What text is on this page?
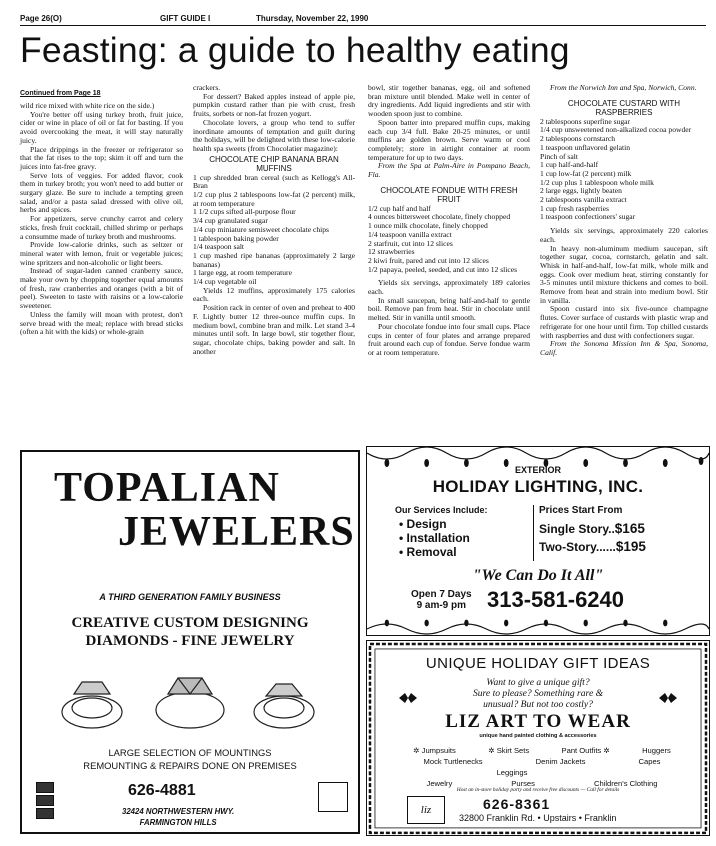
Page 26(O)	GIFT GUIDE I	Thursday, November 22, 1990
Feasting: a guide to healthy eating
Continued from Page 18

wild rice mixed with white rice on the side.)

You're better off using turkey broth, fruit juice, cider or wine in place of oil or fat for basting. If you avoid overcooking the meat, it will stay naturally juicy.

Place drippings in the freezer or refrigerator so that the fat rises to the top; skim it off and turn the juices into fat-free gravy.

Serve lots of veggies. For added flavor, cook them in turkey broth; you won't need to add butter or surgary glaze. Be sure to include a tempting green salad, and/or a pasta salad dressed with olive oil, herbs and spices.

For appetizers, serve crunchy carrot and celery sticks, fresh fruit cocktail, chilled shrimp or perhaps a consumme made of turkey broth and mushrooms.

Provide low-calorie drinks, such as seltzer or mineral water with lemon, fruit or vegetable juices; wine spritzers and non-alcoholic or light beers.

Instead of sugar-laden canned cranberry sauce, make your own by chopping together equal amounts of fresh, raw cranberries and oranges (with a bit of peel). Sweeten to taste with raisins or a low-calorie sweetener.

Unless the family will moan with protest, don't serve bread with the meal; replace with bread sticks (often a hit with the kids) or whole-grain

crackers.

For dessert? Baked apples instead of apple pie, pumpkin custard rather than pie with crust, fresh fruits, sorbets or non-fat frozen yogurt.

Chocolate lovers, a group who tend to suffer inordinate amounts of temptation and guilt during the holidays, will be delighted with these low-calorie health spa sweets (from Chocolatier magazine):

CHOCOLATE CHIP BANANA BRAN MUFFINS

1 cup shredded bran cereal (such as Kellogg's All-Bran

1/2 cup plus 2 tablespoons low-fat (2 percent) milk, at room temperature

1 1/2 cups sifted all-purpose flour

3/4 cup granulated sugar

1/4 cup miniature semisweet chocolate chips

1 tablespoon baking powder

1/4 teaspoon salt

1 cup mashed ripe bananas (approximately 2 large bananas)

1 large egg, at room temperature

1/4 cup vegetable oil

Yields 12 muffins, approximately 175 calories each.

Position rack in center of oven and preheat to 400 F. Lightly butter 12 three-ounce muffin cups. In medium bowl, combine bran and milk. Let stand 3-4 minutes until soft. In large bowl, stir together flour, sugar, chocolate chips, baking powder and salt. In another

bowl, stir together bananas, egg, oil and softened bran mixture until blended. Make well in center of dry ingredients. Add liquid ingredients and stir with wooden spoon just to combine.

Spoon batter into prepared muffin cups, making each cup 3/4 full. Bake 20-25 minutes, or until muffins are golden brown. Serve warm or cool completely; store in airtight container at room temperature for up to two days.

From the Spa at Palm-Aire in Pompano Beach, Fla.

CHOCOLATE FONDUE WITH FRESH FRUIT

1/2 cup half and half

4 ounces bittersweet chocolate, finely chopped

1 ounce milk chocolate, finely chopped

1/4 teaspoon vanilla extract

2 starfruit, cut into 12 slices

12 strawberries

2 kiwi fruit, pared and cut into 12 slices

1/2 papaya, peeled, seeded, and cut into 12 slices

Yields six servings, approximately 189 calories each.

In small saucepan, bring half-and-half to gentle boil. Remove pan from heat. Stir in chocolate until melted. Stir in vanilla until smooth.

Pour chocolate fondue into four small cups. Place cups in center of four plates and arrange prepared fruit around each cup of fondue. Serve fondue warm or at room temperature.

From the Norwich Inn and Spa, Norwich, Conn.

CHOCOLATE CUSTARD WITH RASPBERRIES

2 tablespoons superfine sugar

1/4 cup unsweetened non-alkalized cocoa powder

2 tablespoons cornstarch

1 teaspoon unflavored gelatin

Pinch of salt

1 cup half-and-half

1 cup low-fat (2 percent) milk

1/2 cup plus 1 tablespoon whole milk

2 large eggs, lightly beaten

2 tablespoons vanilla extract

1 cup fresh raspberries

1 teaspoon confectioners' sugar

Yields six servings, approximately 220 calories each.

In heavy non-aluminum medium saucepan, sift together sugar, cocoa, cornstarch, gelatin and salt. Whisk in half-and-half, low-fat milk, whole milk and eggs. Cook over medium heat, stirring constantly for 3-5 minutes until mixture thickens and comes to boil. Remove from heat and strain into medium bowl. Stir in vanilla.

Spoon custard into six five-ounce champagne flutes. Cover surface of custards with plastic wrap and refrigerate for one hour until firm. Top chilled custards with raspberries and dust with confectioners sugar.

From the Sonoma Mission Inn & Spa, Sonoma, Calif.

TOPALIAN
JEWELERS
A THIRD GENERATION FAMILY BUSINESS
CREATIVE CUSTOM DESIGNING
DIAMONDS - FINE JEWELRY
LARGE SELECTION OF MOUNTINGS
REMOUNTING & REPAIRS DONE ON PREMISES
626-4881
32424 NORTHWESTERN HWY.
FARMINGTON HILLS
EXTERIOR
HOLIDAY LIGHTING, INC.
Our Services Include:
• Design
• Installation
• Removal
Prices Start From
Single Story..$165
Two-Story......$195
"We Can Do It All"
Open 7 Days
9 am-9 pm 313-581-6240
UNIQUE HOLIDAY GIFT IDEAS
Want to give a unique gift?
Sure to please? Something rare &
unusual? But not too costly?
LIZ ART TO WEAR
unique hand painted clothing & accessories
✲ Jumpsuits	✲ Skirt Sets	Pant Outfits ✲	Huggers
Mock Turtlenecks	Denim Jackets	Capes
Leggings
Jewelry	Purses	Children's Clothing
Host an in-store holiday party and receive free discounts — Call for details
liz	626-8361
32800 Franklin Rd. • Upstairs • Franklin
